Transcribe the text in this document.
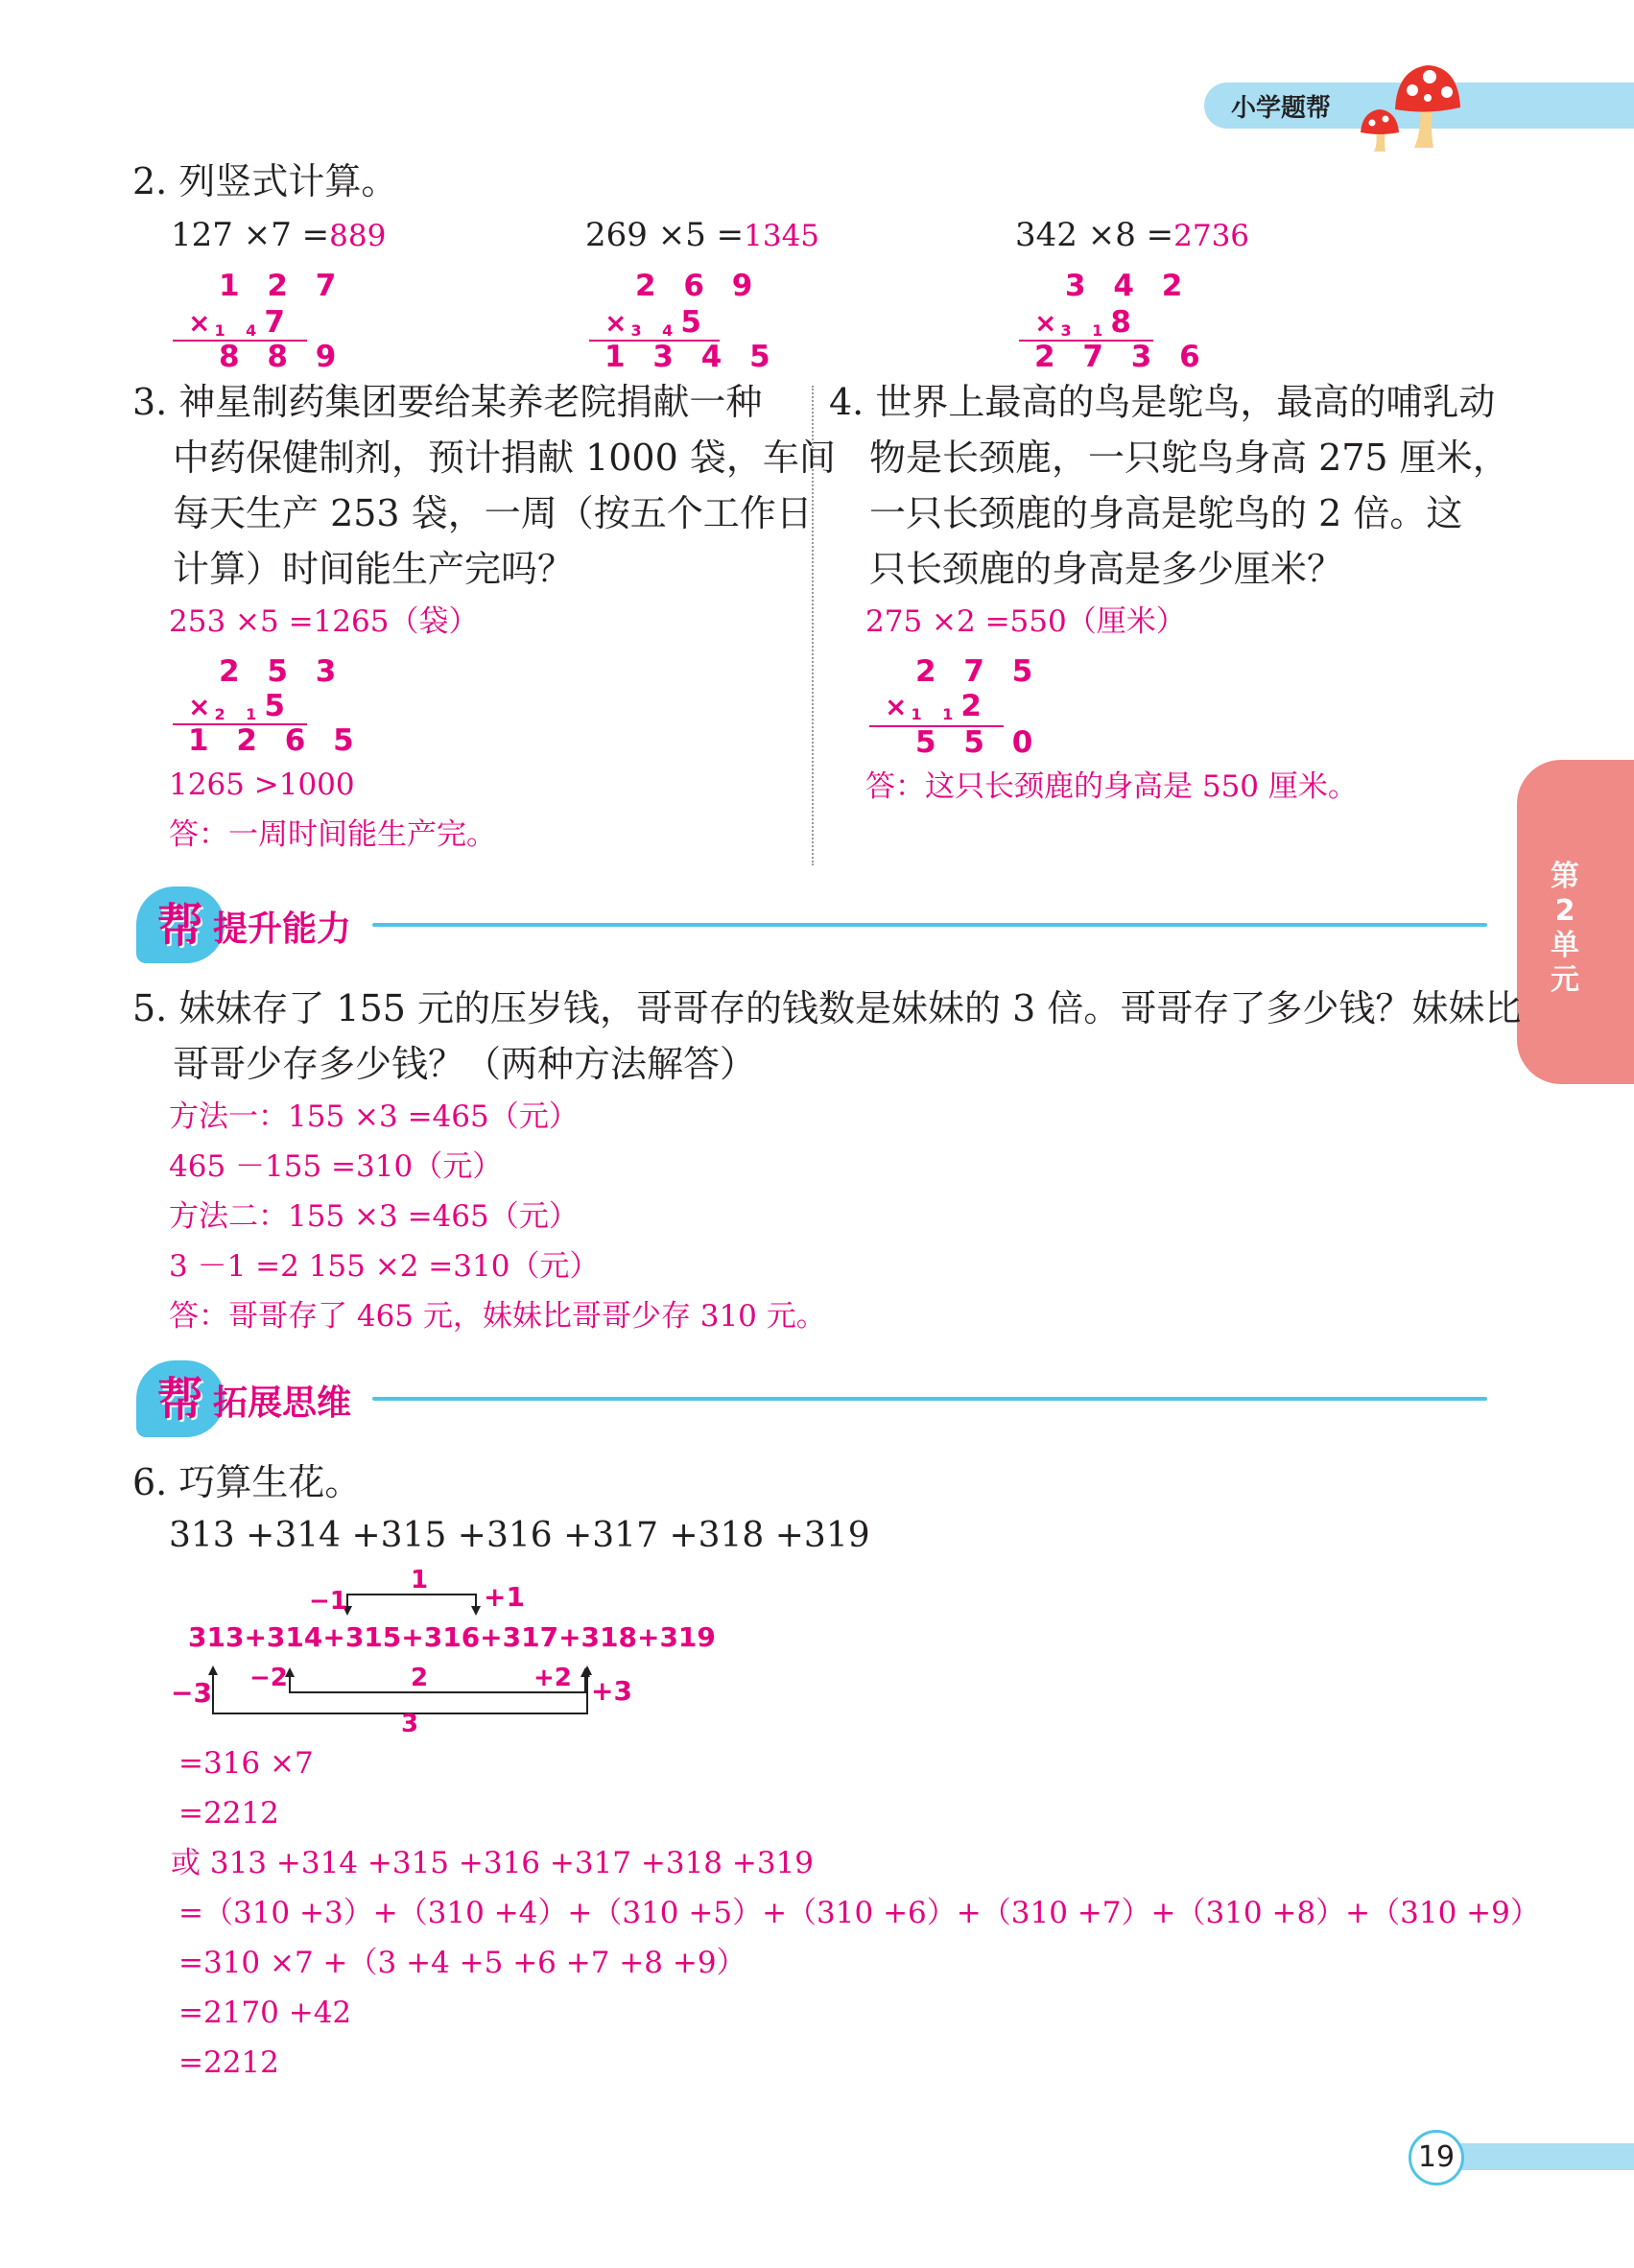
小学题帮
第2单元
2. 列竖式计算。
127 ×7 =889
1 2 7
× 1 47
8 8 9
269 ×5 =1345
2 6 9
× 3 45
1 3 4 5
342 ×8 =2736
3 4 2
× 3 18
2 7 3 6
3. 神星制药集团要给某养老院捐献一种
中药保健制剂，预计捐献 1000 袋，车间
每天生产 253 袋，一周（按五个工作日
计算）时间能生产完吗？
253 ×5 =1265（袋）
2 5 3
× 2 15
1 2 6 5
1265 >1000
答：一周时间能生产完。
4. 世界上最高的鸟是鸵鸟，最高的哺乳动
物是长颈鹿，一只鸵鸟身高 275 厘米，
一只长颈鹿的身高是鸵鸟的 2 倍。这
只长颈鹿的身高是多少厘米？
275 ×2 =550（厘米）
2 7 5
× 1 12
5 5 0
答：这只长颈鹿的身高是 550 厘米。
帮 提升能力
5. 妹妹存了 155 元的压岁钱，哥哥存的钱数是妹妹的 3 倍。哥哥存了多少钱？妹妹比
哥哥少存多少钱？（两种方法解答）
方法一：155 ×3 =465（元）
465 －155 =310（元）
方法二：155 ×3 =465（元）
3 －1 =2 155 ×2 =310（元）
答：哥哥存了 465 元，妹妹比哥哥少存 310 元。
帮 拓展思维
6. 巧算生花。
313 +314 +315 +316 +317 +318 +319
1
−1	+1
313+314+315+316+317+318+319
−2	2	+2
−3	+3
3
=316 ×7
=2212
或 313 +314 +315 +316 +317 +318 +319
=（310 +3）+（310 +4）+（310 +5）+（310 +6）+（310 +7）+（310 +8）+（310 +9）
=310 ×7 +（3 +4 +5 +6 +7 +8 +9）
=2170 +42
=2212
19
